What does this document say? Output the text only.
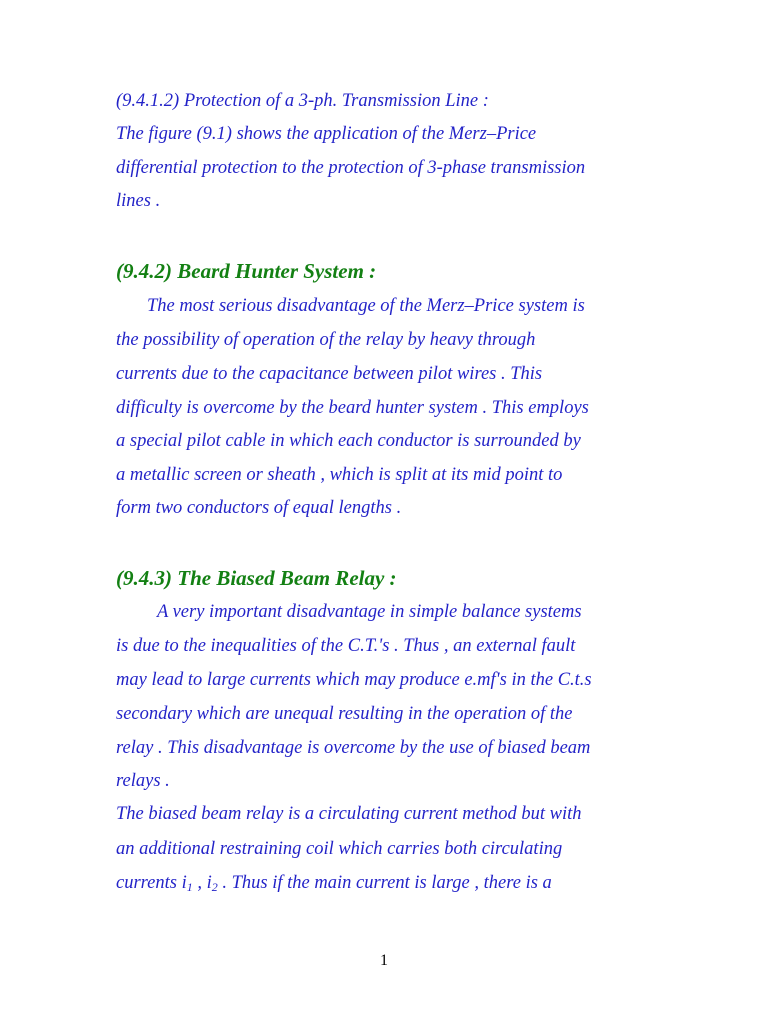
(9.4.1.2) Protection of a 3-ph. Transmission Line :

The figure (9.1) shows the application of the Merz–Price

differential protection to the protection of 3-phase transmission

lines .

(9.4.2) Beard Hunter System :

The most serious disadvantage of the Merz–Price system is

the possibility of operation of the relay by heavy through

currents due to the capacitance between pilot wires . This

difficulty is overcome by the beard hunter system . This employs

a special pilot cable in which each conductor is surrounded by

a metallic screen or sheath , which is split at its mid point to

form two conductors of equal lengths .

(9.4.3) The Biased Beam Relay :

A very important disadvantage in simple balance systems

is due to the inequalities of the C.T.'s . Thus , an external fault

may lead to large currents which may produce e.mf's in the C.t.s

secondary which are unequal resulting in the operation of the

relay . This disadvantage is overcome by the use of biased beam

relays .

The biased beam relay is a circulating current method but with

an additional restraining coil which carries both circulating

currents $i_1$ , $i_2$ . Thus if the main current is large , there is a

1
